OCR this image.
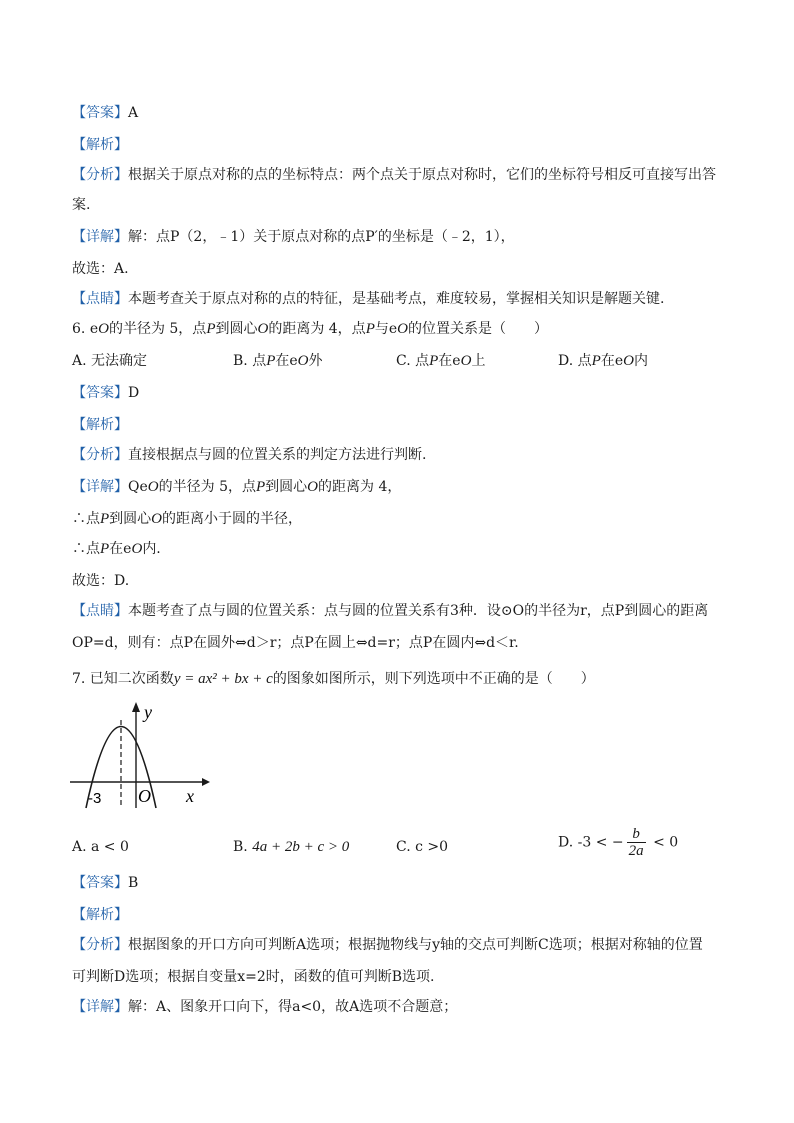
【答案】A
【解析】
【分析】根据关于原点对称的点的坐标特点：两个点关于原点对称时，它们的坐标符号相反可直接写出答
案.
【详解】解：点P（2，﹣1）关于原点对称的点P′的坐标是（﹣2，1），
故选：A.
【点睛】本题考查关于原点对称的点的特征，是基础考点，难度较易，掌握相关知识是解题关键.
6. eO的半径为 5，点P到圆心O的距离为 4，点P与eO的位置关系是（　　）
A. 无法确定	B. 点P在eO外	C. 点P在eO上	D. 点P在eO内
【答案】D
【解析】
【分析】直接根据点与圆的位置关系的判定方法进行判断.
【详解】QeO的半径为 5，点P到圆心O的距离为 4，
∴点P到圆心O的距离小于圆的半径，
∴点P在eO内.
故选：D.
【点睛】本题考查了点与圆的位置关系：点与圆的位置关系有3种．设⊙O的半径为r，点P到圆心的距离
OP=d，则有：点P在圆外⇔d＞r；点P在圆上⇔d=r；点P在圆内⇔d＜r.
7. 已知二次函数y = ax² + bx + c的图象如图所示，则下列选项中不正确的是（　　）
y
x
O
-3
A. a < 0	B. 4a + 2b + c > 0	C. c >0	D. -3 < − $\frac{b}{2a} < 0$
【答案】B
【解析】
【分析】根据图象的开口方向可判断A选项；根据抛物线与y轴的交点可判断C选项；根据对称轴的位置
可判断D选项；根据自变量x=2时，函数的值可判断B选项.
【详解】解：A、图象开口向下，得a<0，故A选项不合题意；
